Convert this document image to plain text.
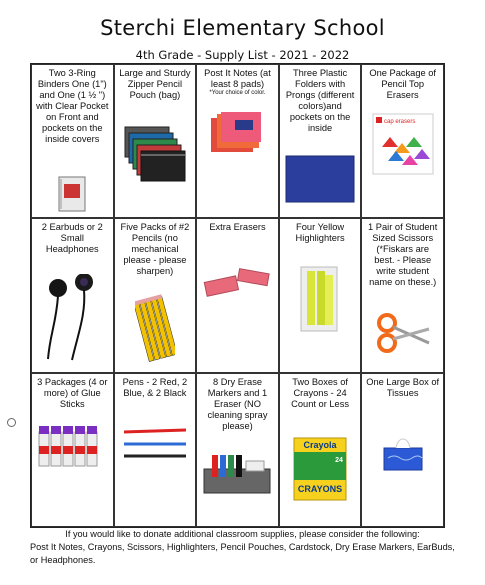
Sterchi Elementary School
4th Grade - Supply List - 2021 - 2022
Two 3-Ring Binders One (1") and One (1 ½ ") with Clear Pocket on Front and pockets on the inside covers
Large and Sturdy Zipper Pencil Pouch (bag)
Post It Notes (at least 8 pads)
*Your choice of color.
Three Plastic Folders with Prongs (different colors)and pockets on the inside
One Package of Pencil Top Erasers
cap erasers
2 Earbuds or 2 Small Headphones
Five Packs of #2 Pencils (no mechanical please - please sharpen)
Extra Erasers	Four Yellow Highlighters
1 Pair of Student Sized Scissors (*Fiskars are best. - Please write student name on these.)
3 Packages (4 or more) of Glue Sticks
Pens - 2 Red, 2 Blue, & 2 Black
8 Dry Erase Markers and 1 Eraser (NO cleaning spray please)
Two Boxes of Crayons - 24 Count or Less
Crayola
CRAYONS
24
One Large Box of Tissues
If you would like to donate additional classroom supplies, please consider the following:
Post It Notes, Crayons, Scissors, Highlighters, Pencil Pouches, Cardstock, Dry Erase Markers, EarBuds, or Headphones.
